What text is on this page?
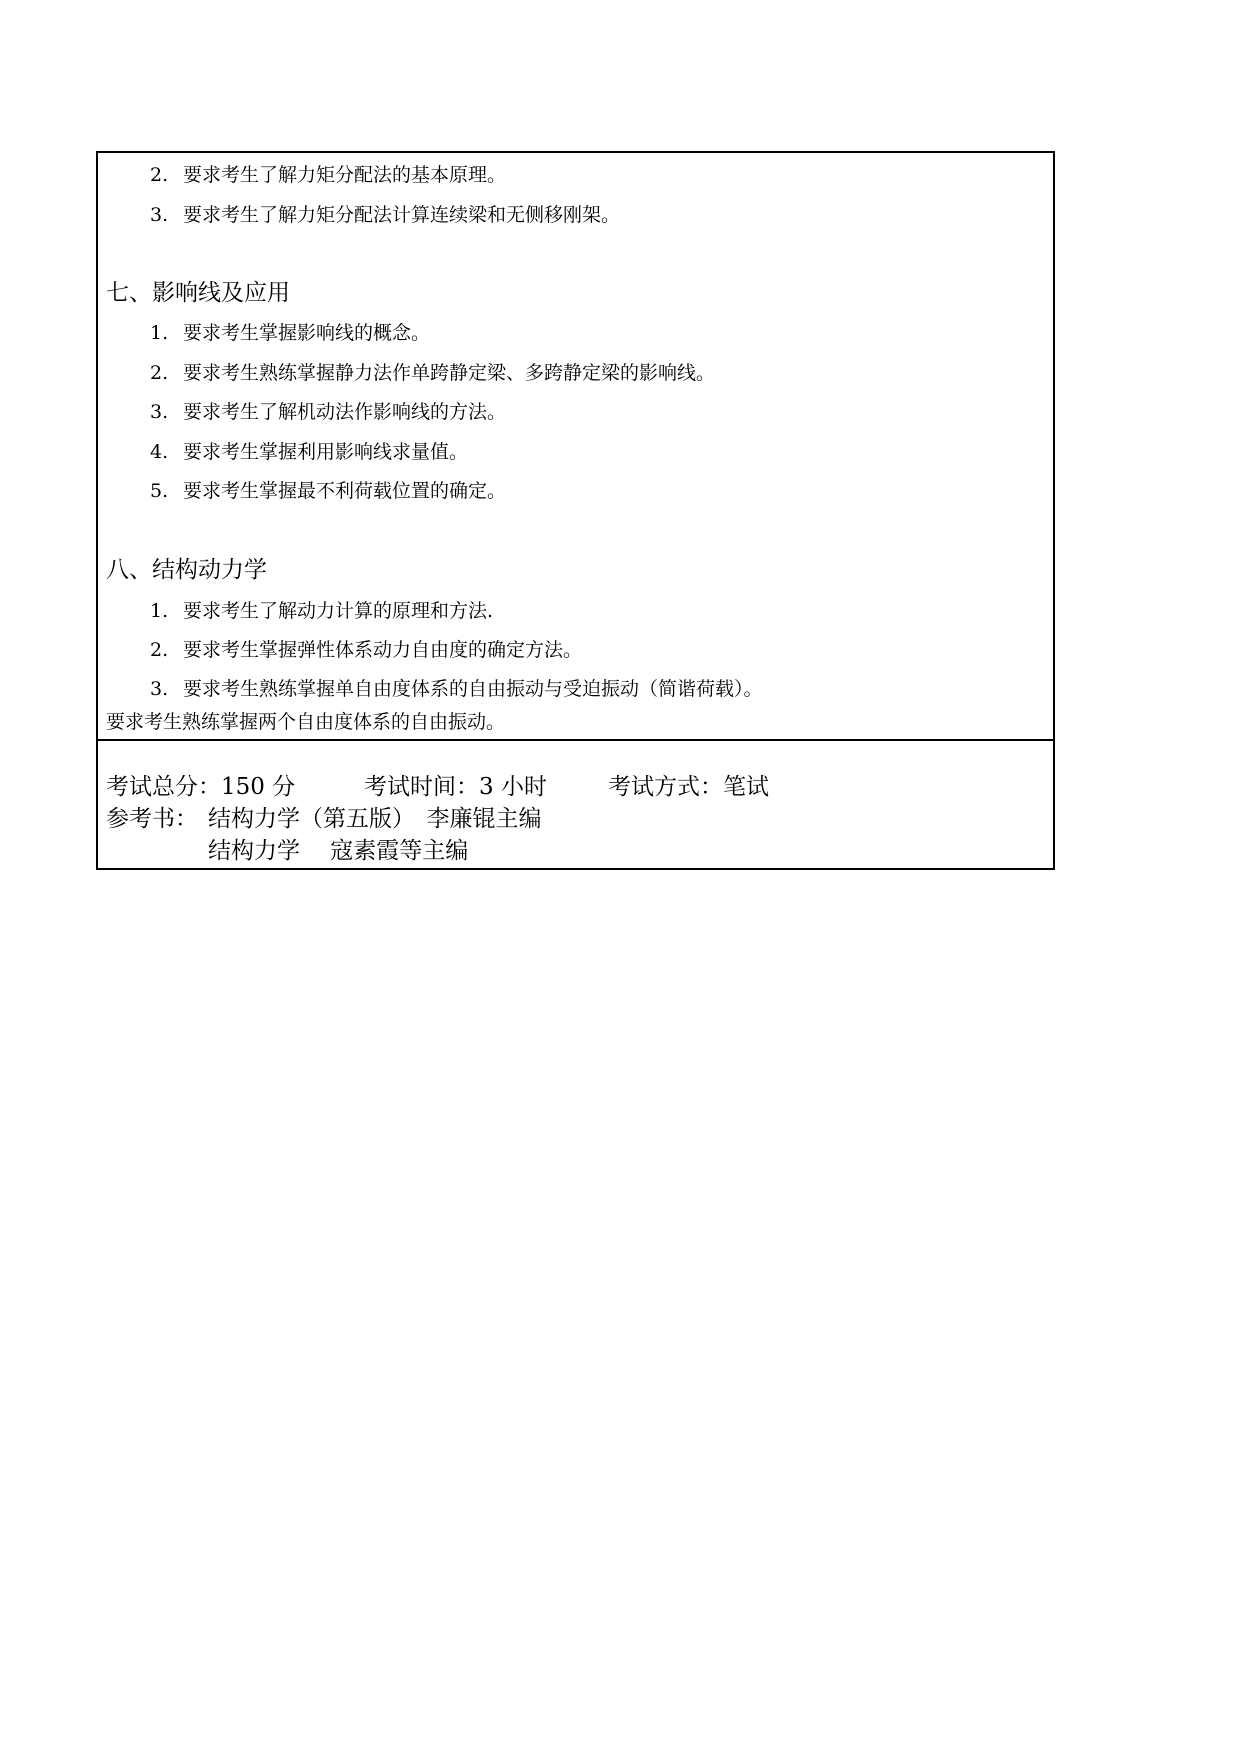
2. 要求考生了解力矩分配法的基本原理。
3. 要求考生了解力矩分配法计算连续梁和无侧移刚架。
七、影响线及应用
1. 要求考生掌握影响线的概念。
2. 要求考生熟练掌握静力法作单跨静定梁、多跨静定梁的影响线。
3. 要求考生了解机动法作影响线的方法。
4. 要求考生掌握利用影响线求量值。
5. 要求考生掌握最不利荷载位置的确定。
八、结构动力学
1. 要求考生了解动力计算的原理和方法.
2. 要求考生掌握弹性体系动力自由度的确定方法。
3. 要求考生熟练掌握单自由度体系的自由振动与受迫振动（简谐荷载）。
要求考生熟练掌握两个自由度体系的自由振动。
考试总分：150 分	考试时间：3 小时	考试方式：笔试
参考书： 结构力学（第五版）　李廉锟主编
结构力学　 寇素霞等主编
